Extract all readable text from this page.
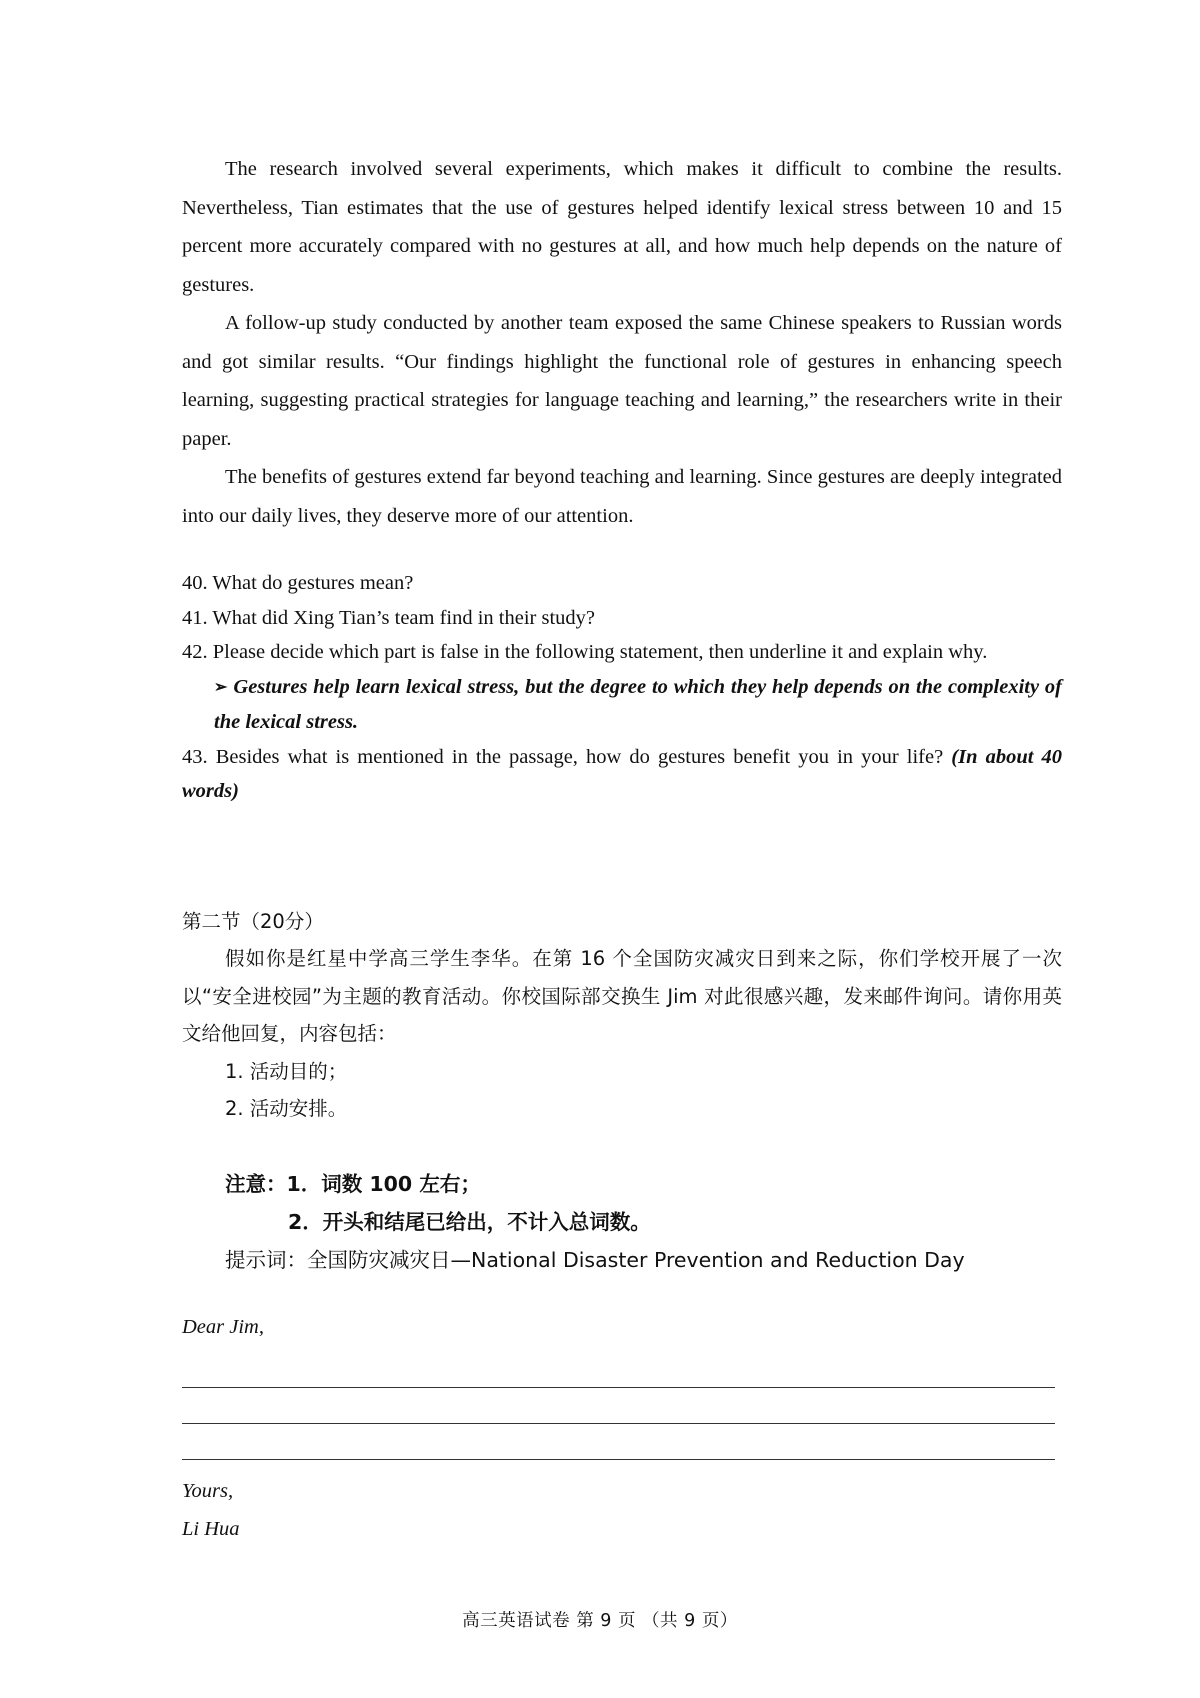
The research involved several experiments, which makes it difficult to combine the results. Nevertheless, Tian estimates that the use of gestures helped identify lexical stress between 10 and 15 percent more accurately compared with no gestures at all, and how much help depends on the nature of gestures.

A follow-up study conducted by another team exposed the same Chinese speakers to Russian words and got similar results. “Our findings highlight the functional role of gestures in enhancing speech learning, suggesting practical strategies for language teaching and learning,” the researchers write in their paper.

The benefits of gestures extend far beyond teaching and learning. Since gestures are deeply integrated into our daily lives, they deserve more of our attention.

40. What do gestures mean?

41. What did Xing Tian’s team find in their study?

42. Please decide which part is false in the following statement, then underline it and explain why.

➢ Gestures help learn lexical stress, but the degree to which they help depends on the complexity of the lexical stress.

43. Besides what is mentioned in the passage, how do gestures benefit you in your life? (In about 40 words)

第二节（20分）

假如你是红星中学高三学生李华。在第 16 个全国防灾减灾日到来之际，你们学校开展了一次以“安全进校园”为主题的教育活动。你校国际部交换生 Jim 对此很感兴趣，发来邮件询问。请你用英文给他回复，内容包括：

1. 活动目的；

2. 活动安排。

注意：1．词数 100 左右；

2．开头和结尾已给出，不计入总词数。

提示词：全国防灾减灾日—National Disaster Prevention and Reduction Day

Dear Jim,

Yours,

Li Hua

高三英语试卷 第 9 页 （共 9 页）
